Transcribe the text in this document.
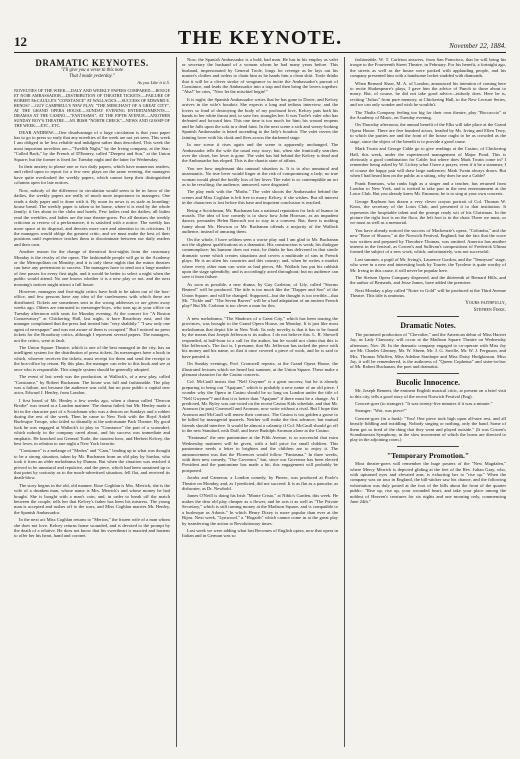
12	THE KEYNOTE.	November 22, 1884.
DRAMATIC KEYNOTES.

"I'll give you a verse to this note
That I made yesterday."

As you Like it ii.5.

NOVELTIES OF THE WEEK.—DALY AND WEEKLY PAPERS COMPARED.—ROUGE ET NOIR AMBASSADOR.—DISTRIBUTION OF THEATRE TICKETS.—FAILURE OF ROBERT McCAULLE'S "CONSTANCE" AT WALLACK'S.—SUCCESS OF EDWARD E. RENOS? —GUY CAMPBELL'S NEW PLAY. "THE MERCHANT OF A GREAT CITY", AT THE GRAND OPERA HOUSE.—SUNDAY EVENING ENTERTAINMENTS.—DRAMAS AT THE CASINO.—"FANTASMA", AT THE FIFTH AVENUE.—ANOTHER SUNDAY BOY'S THEATRE.—AN IRISH "NORTH CHECK"—NEWS AND GOSSIP OF THE WEEK.—ETC., ETC.

DEAR ANDREW:—One disadvantage of a large circulation is that your paper has to go to press so early that any novelties of the week are not yet seen. This week I am obliged to be less reliable and indulgent rather than described. This week the most important novelties are—"Twelfth Night," by the Irving company, at the Star; "Called Back," by the French of D'Ennery, called "Deepest and Son," at the Union Square; but the former is fixed for Tuesday night and the latter for Wednesday.

In their anxiety to please one or two daily papers, which have numerous readers, and relied upon to report for a few new plays on the same evening, the managers have quite overlooked the weekly papers, which cannot keep their distinguished columns open for late notices.

Now, nobody of the difference in circulation would seem to be in favor of the dailies, the weekly papers are really of much more importance to managers. One reads a daily paper and is done with it. By noon its news is as stale as boarding-house bread. The weekly paper is taken to be home, where it is read by the whole family; it lies about in the clubs and hotels. Few ladies read the dailies; all ladies read the weeklies, and ladies are the true theatre-goers. For all theatres the weekly criticism or review of a performance; it is satisfied with a notice. The weekly has more space at its disposal, and devotes more care and attention to its criticisms. If the managers would oblige the greatest critic, and we must make the best of their positions until experience teaches them to discriminate between our daily readers and their own.

Another reason for the change of theatrical first-nights from the customary Monday is the rivalry of the opera. The fashionable people will go to the Academy or the Metropolitan on Monday, and it is only these nights that the minor theatres can have any pretensions to success. The managers have to send out a large number of free passes for every first night, and it would be better to select a night when the public would attend. No one knows whether it is a new play or not, and the next morning's notices might attract a full house.

However, managers and first-night critics have both to be taken out of the box-office, and few persons have any idea of the carelessness with which these are distributed. Tickets are sometimes sent to the wrong addresses or are given away weeks ago. Others are entrusted to messenger-boys, who turn up at your office on Tuesday afternoon with seats for Monday evening. At the concert for "A Boston Conservatory" at Chickering Hall, last night, it bore Broadway east, and the manager complained that the press had treated him "very shabbily." "I saw only one agent of newspaper" and was not aware of them is occupied." But I noticed no press tickets for the Broadway critics, although I represent several papers. The managers, not the critics, were at fault.

The Union Square Theatre, which is one of the best managed in the city, has an intelligent system for the distribution of press tickets. Its messengers have a book in which, whoever receives the tickets, must receipt for them and send the receipt to the box-office by return. By this plan, the manager can refer to this book and see at once who is responsible. This simple system should be generally adopted.

The event of last week was the production, at Wallack's, of a new play, called "Constance," by Robert Buchanan. The house was full and fashionable. The play was a failure, not because the audience was cold, but no poor public a capital new actor, Edward J. Henley, from London.

I first heard of Mr. Henley a few weeks ago, when a drama called "Deacon Brodie" was tested at a London matinee. The drama failed; but Mr. Henley made a hit in the character part of a Scotchman who was a deacon on Sundays and a robber during the rest of the week. Then he came to New York with the Boyd Ardell Burlesque Troupe, who failed so dismally at the unfortunate Park Theatre. By good luck he was engaged at Wallack's to play in "Constance" the part of a scoundrel, which nobody in the company cared about, and his success was immediate and emphatic. He knocked out General Toole, the stoutest hero, and Herbert Kelcey, the best lover, in relation to one night a New York favorite.

"Constance" is a melange of "Medea" and "Cam," leading up to what was thought to be a strong situation, taken by Mr. Buchanan from an old play by Sardou, who took it from an older melodrama by Dumas. But when the situation was reached it proved to be unnatural and repulsive, and the piece, which had been sustained up to that point by curiosity as to the much-advertised situation, fell flat, and received its death-blow.

The story begins in the old, old manner. Rose Coghlan is Mrs. Merrick; she is the wife of a drunken man, whose name is Mrs. Merrick's and whose money he had bought. She is bought with a man's coin, and, in order to break off the match between the couple, tells her that Kelcey's father has been his mistress. The young man is accepted and rushes off to the wars, and Miss Coghlan marries Mr. Henley, the Spanish Ambassador.

In the next act Miss Coghlan returns to "Merion," the frozen wife of a man whom she does not love. Kelcey returns home wounded, and is devoted to the prompt by the death of a relative. He does not know that his sweetheart is married and hastens to offer her his heart, hand and coronet.

Now, the Spanish Ambassador is a bold, bad man. He has in his employ as valet or secretary the husband of a woman whom he had many years before. This husband, impersonated by General Toole, longs for revenge as he lays out his master's clothes and orders to chain him as he hands him a clean shirt. Toole thinks that it will be a clever stroke of vengeance to incite the Ambassador's pursuit of Constance, and leads the Ambassador into a trap and then bring the lovers together. "Aha!" he cries, "Now let the mischief begin!"

It is night; the Spanish Ambassador writes that he has gone to Dover, and Kelcey arrives in the wife's boudoir. She expects a long and tedious interview, and the lovers so fond of destroying the body of my profound love, Kelcey puts both his hands to her white throat and, to save her, strangles her. It was Toole's valet who has defeated and forward him. This one time is too much for him; his wound reopens and he falls upon the sofa in a dead faint. In the next scene a sick and weary-looking Spanish Ambassador is heard ascending to the lady's boudoir. The valet covers the fainting lover with his cloak and flees across the darkened stage.

In one scene it rises again and the scene is apparently unchanged. The Ambassador tells the wife the usual easy story; but, when she frantically searches over the closet, her lover is gone. The valet has hid behind the Kelcey is dead and the Ambassador has eloped. This is the chaotic state of affairs.

You see how unpleasant this unusual situation is. It is to also unnatural and unromantic. No true lover would linger at the risk of compromising a lady; no true woman would plead the bodily loss of her lover. The valet is so contemptible an act as to be revolting; the audience, unmoved, were disgusted.

The play ends with the "Moths." The valet shoots the Ambassador behind the scenes and Miss Coghlan is left free to marry Kelcey, if she wishes. But all interest in the characters is lost before this base and impotent conclusion is reached.

Being a Scotchman, Mr. Buchanan has a national reputation for lack of humor in morals. The idea of low comedy is to show how John Howson, as an impudent dancer, persuades Helen Bancroft not to stay in a convent. But, there is nothing funny about Mr. Howson or Mr. Buchanan offends a majority of the Wallack audience, instead of amusing them.

On the whole, I have seldom seen a worse play and I am glad to Mr. Buchanan not the slightest qualifications as a dramatist. His construction is weak; his dialogue commonplace; his humour does not exist; he thinks he has delivered in that simile dramatic scene which creates situations and covers a multitude of sins in French plays. He is an alien his countries and this country; and, when he writes a market where every other man can write as bad pieces, Mr. Wallack has put his rubbish upon the stage splendidly; and is accordingly acted throughout; but no audience can save it from failure.

As soon as possible, a new drama, by Guy Carleton, of Lily, called "Storms Beaten!" will be produced. The title is too much like the "Dapper and Son" of the Union Square, and will be changed. Supposed—but the thought is too terrible—that Mr. "Tickle and" "The Seven Bavers" will be a bad adaptation of an ancient French play? But Mr. Carleton is too clever a man for this.

A new melodrama, "The Shadows of a Great City," which has been touring the provinces, was brought to the Grand Opera House, on Monday. It is just like most melodramas that depict life in New York. Its only novelty is that it has to be found by the means that Joseph Jefferson is its author. I do not believe this. L. R. Shewell responded, at half-hour to a call for the author, but he would not claim that this is like Jefferson's. The fact is, I presume, that Mr. Jefferson has tacked the piece with his money and his name, so that it once covered a piece of work, and he is said to have painted it.

On Sunday evenings, Prof. Cromwell repeats, at the Grand Opera House, the illustrated lectures which we heard last summer, at the Union Square. These make a pleasant character for the Casino concerts.

Col. McCaull insists that "Nell Gwynne" is a great success; but he is already preparing to bring out "Apajune," which is probably a new name of an old piece. I wonder why the Opera in Casino should be so long on London under the title of "Nell Gwynne"? and that it is better than "Apajune" if there must be a change. As I predicted, Mr. Ryley was out-voted on the recent Casino Kids schedule, and that Mr. Aronson (in part) Cromwell and Aronson, now write without a rival. But I hope that Aronson and McCaull will renew their contract. The Casino is too golden a goose to be killed by managerial quarrels. Neither will make the first advance; but mutual friends should interfere. It would be almost a calamity if Col. McCaull should go off to the new Standard, with Duff, and leave Rudolph Aronson alone at the Casino.

"Fantasma" the new pantomime at the Fifth Avenue, is so successful that extra Wednesday matinees will be given, with a half price for small children. This pantomime needs a letter to brighten and the children are to enjoy it. The announcement was that the Florences would follow "Fantasma." In three weeks, with their new comedy, "Our Governor," but, since our Governor has been elected President and the pantomime has made a hit, this engagement will probably be postponed.

Jacobs and Cameron, a London comedy, by Pinero, was produced at Poole's Theatre on Monday, and, as I predicted, did not succeed. It is as flat as a pancake, as dishwater, as Dr. Newbold.

James O'Neill is doing his Irish "Monte Cristo," at Niblo's Garden, this week. He makes the dear old play cheaper as a flower, and he acts it as well as "The Private Secretary," which is still turning money at the Madison Square, and is compatible to a burlesque as Adonis." In which Henry Dixey is more popular than ever at the Bijou. Next week, "Lynwood," a "Hogarth" which cannot come in at the great play by transferring the action to Revolutionary times.

Last week we were adding what last Becomes of English opera, now that opera in Italian and in German was so

fashionable, W. T. Carleton answers, from San Francisco, that he will bring his troupe to the Fourteenth Street Theatre, in February. For his benefit, a fortnight ago, the streets as well as the house were packed with applauding people, and his company presented him with a handsome locket studded with diamonds.

When Bernard Shaw, M. A. of London, announced his intention of coming here to recite Shakespeare's plays, I gave him the advice of Punch to those about to marry. But, of course, he did not take good advice—nobody does. Here he is, reciting "Julius" from pure memory, at Chickering Hall, to the New Lecture Series, and we can only wonder and wish he wouldn't.

The Thalia Company feeling too big for their own theatre, play "Boccaccio" at the Academy of Music, on Tuesday evening.

On Thursday afternoon, the annual benefit of the Elks will take place at the Grand Opera House. There are five hundred actors, headed by Mr. Irving and Ellen Terry, to which the parties are and the front of the house ought to be as crowded as the stage, since the object of the benefit is to provide a good cause.

Mark Twain and George Cable go to give readings at the Casino, of Chickering Hall, this week, under the experienced management of Major Pond. This is obviously a good combination for Cable; but where does Mark Twain come in? I remember being asked by W. Lickey what I have a prayer, even if it be a stammer, I of course the happy pair will draw large audiences: Mark Twain always draws. But when I had heard him on the public at a sitting, why does he use a Cable?

Frank Emmons, who ranks high as a singer and a teacher, has returned from London to New York, and is invited to take part in the next entertainment at the Lotos Club. But you already knew Mr. Emmons; he is to sing at your own concerts.

George Rayburn has drawn a very clever crayon portrait of Col. Thomas W. Knox, the secretary of the Lotos Club, and presented it to that institution. It represents the hospitable talent and the prompt ready wit of his Christmas. In the picture the right foot is on the floor, the left foot is in the chair. There we must, or we must as well as a memorial.

You have already noticed the success of Mackenzie's opera, "Colomba," and the new "Rose of Sharon," at the Norwich Festival, England; but the fact that the score was written and prepared by Theodore Thomas, was omitted. America has another interest in the festival, as Cowen's and Sullivan's compositions of Frederick Ultima formed the subject of a new work, which, unfortunately, was not successful.

Last summer, a pupil of Mr. Irving's, Laurence Gordon, and the "Tennyson" stage, who were in a new and interesting book by Tourée, the Tyrolese is quite worthy of Mr. Irving in this cause, it will never be popular here.

The Stetson Opera Company dispersed, and the thirteenth of Bernard Hills, and the author of Bernards, and Jesse James, have added the premiere.

Next Monday a play called "Notre vs Gold" will be produced at the Third Avenue Theatre. This title is ominous.

Yours faithfully,

Stephen Fiske.

Dramatic Notes.

The promised production of "Chevalier," and the American debut of Miss Harriet Jay, as Lady Clancarty, will occur at the Madison Square Theatre on Wednesday afternoon, Nov. 26. In the dramatic company engaged to co-operate with Miss Jay are Mr. Charles Glenney, Mr. W. Sheen, Mr. J. G. Saville, Mr. W. J. Ferguson, and Mrs. Thomas Whiffen, Miss Adeline Stanhope and Miss Daisy Hodgkinson. Miss Jay, it will be remembered, is the authoress of "Queen Cophetua" and sister-in-law of Mr. Robert Buchanan, the poet and dramatist.

Bucolic Innocence.

Mr. Joseph Bennett, the eminent English musical critic, at present on a brief visit to this city, tells a good story of the recent Norwich Festival (Eng).

Concert-goer (to stranger): "It was twenty-five minutes if it was a minute."

Stranger: "Wot, was piece?"

Concert-goer (in a funk): "You! One piece took high upon all-sure rest, and all beastly fiddling and twiddling. Nobody singing or nothing, only the band. Some of them got so tired of the thing that they went and played outside." (It was Cowen's Scandinavian Symphony, in the slow movement of which the horns are directed to play in the adjoining room.)

"Temporary Promotion."

Most theatre-goers will remember the huge posters of the "New Magdalen," where Mercy Merrick is depicted gliding at the feet of the Rev. Julian Gray, who, with upturned eyes and elevated arm, is exhorting her to "rise up." When the company was on tour in England, the bill-sticker saw his chance, and the following exhortation was duly posted at the foot of the bills about the front of the quarter public: "Rise up, rise up, your wounded heart, and take your place among the noblest of Heaven's creatures for six nights and one morning only, commencing June 24th."
